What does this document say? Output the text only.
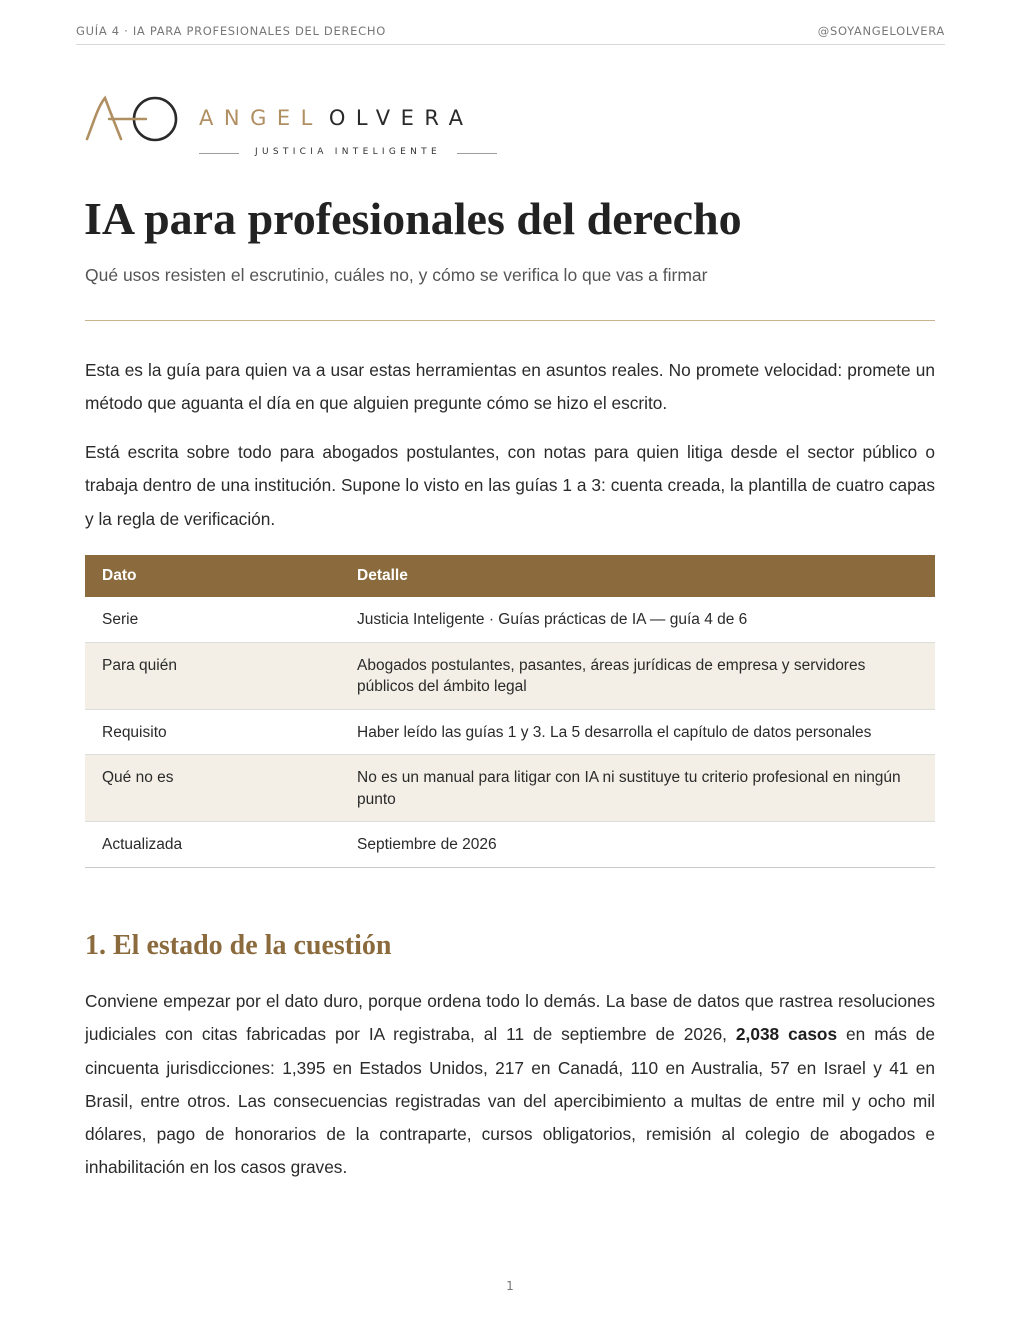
GUÍA 4 · IA PARA PROFESIONALES DEL DERECHO	@SOYANGELOLVERA
ANGEL OLVERA
JUSTICIA INTELIGENTE
IA para profesionales del derecho

Qué usos resisten el escrutinio, cuáles no, y cómo se verifica lo que vas a firmar

Esta es la guía para quien va a usar estas herramientas en asuntos reales. No promete velocidad: promete un método que aguanta el día en que alguien pregunte cómo se hizo el escrito.

Está escrita sobre todo para abogados postulantes, con notas para quien litiga desde el sector público o trabaja dentro de una institución. Supone lo visto en las guías 1 a 3: cuenta creada, la plantilla de cuatro capas y la regla de verificación.

Dato	Detalle
Serie	Justicia Inteligente · Guías prácticas de IA — guía 4 de 6
Para quién	Abogados postulantes, pasantes, áreas jurídicas de empresa y servidores públicos del ámbito legal
Requisito	Haber leído las guías 1 y 3. La 5 desarrolla el capítulo de datos personales
Qué no es	No es un manual para litigar con IA ni sustituye tu criterio profesional en ningún punto
Actualizada	Septiembre de 2026
1. El estado de la cuestión

Conviene empezar por el dato duro, porque ordena todo lo demás. La base de datos que rastrea resoluciones judiciales con citas fabricadas por IA registraba, al 11 de septiembre de 2026, 2,038 casos en más de cincuenta jurisdicciones: 1,395 en Estados Unidos, 217 en Canadá, 110 en Australia, 57 en Israel y 41 en Brasil, entre otros. Las consecuencias registradas van del apercibimiento a multas de entre mil y ocho mil dólares, pago de honorarios de la contraparte, cursos obligatorios, remisión al colegio de abogados e inhabilitación en los casos graves.

1
